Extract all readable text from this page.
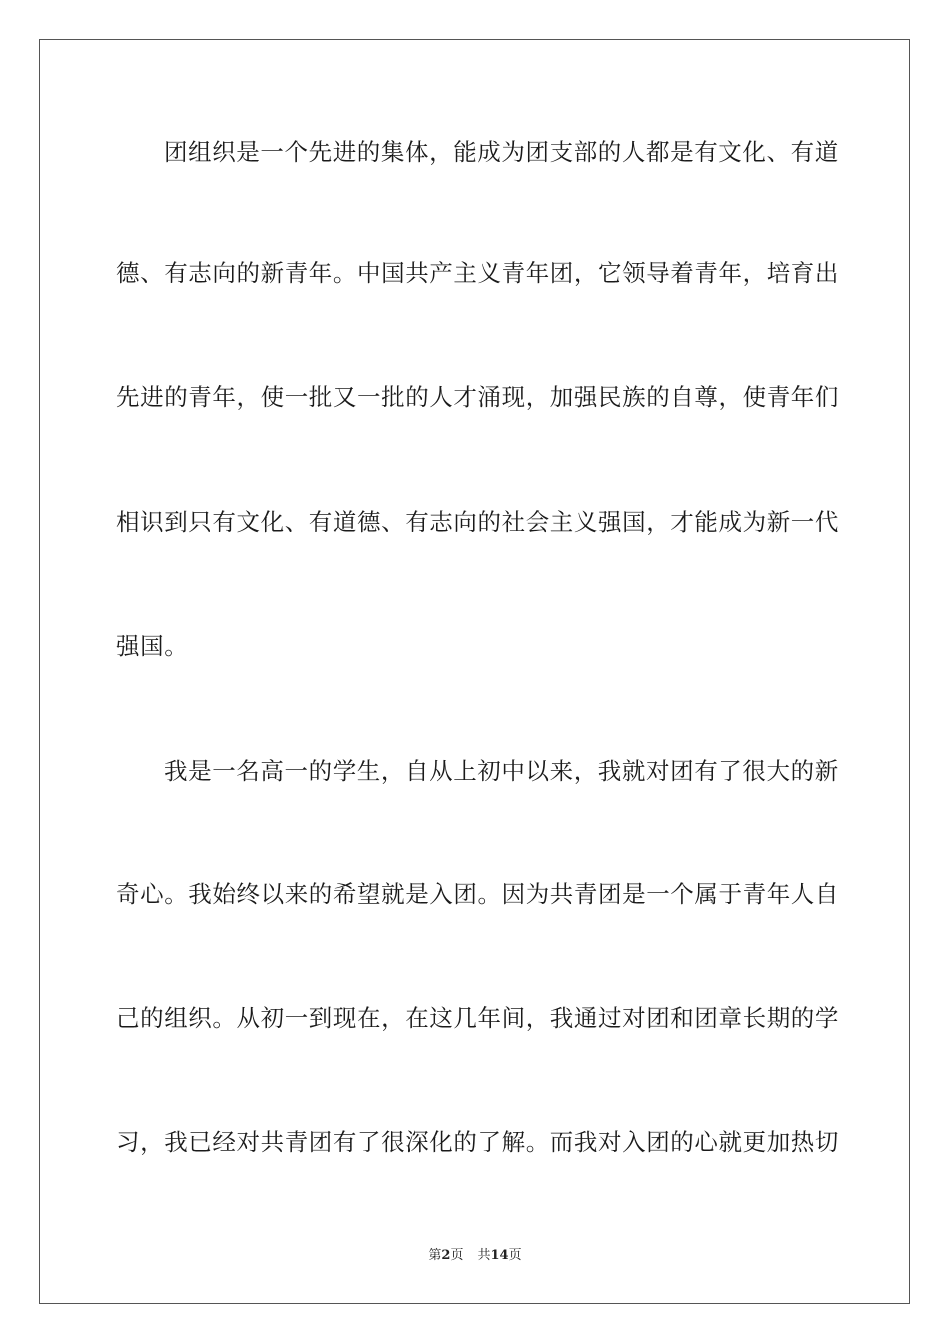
团组织是一个先进的集体，能成为团支部的人都是有文化、有道
德、有志向的新青年。中国共产主义青年团，它领导着青年，培育出
先进的青年，使一批又一批的人才涌现，加强民族的自尊，使青年们
相识到只有文化、有道德、有志向的社会主义强国，才能成为新一代
强国。
我是一名高一的学生，自从上初中以来，我就对团有了很大的新
奇心。我始终以来的希望就是入团。因为共青团是一个属于青年人自
己的组织。从初一到现在，在这几年间，我通过对团和团章长期的学
习，我已经对共青团有了很深化的了解。而我对入团的心就更加热切
第2页 共14页
